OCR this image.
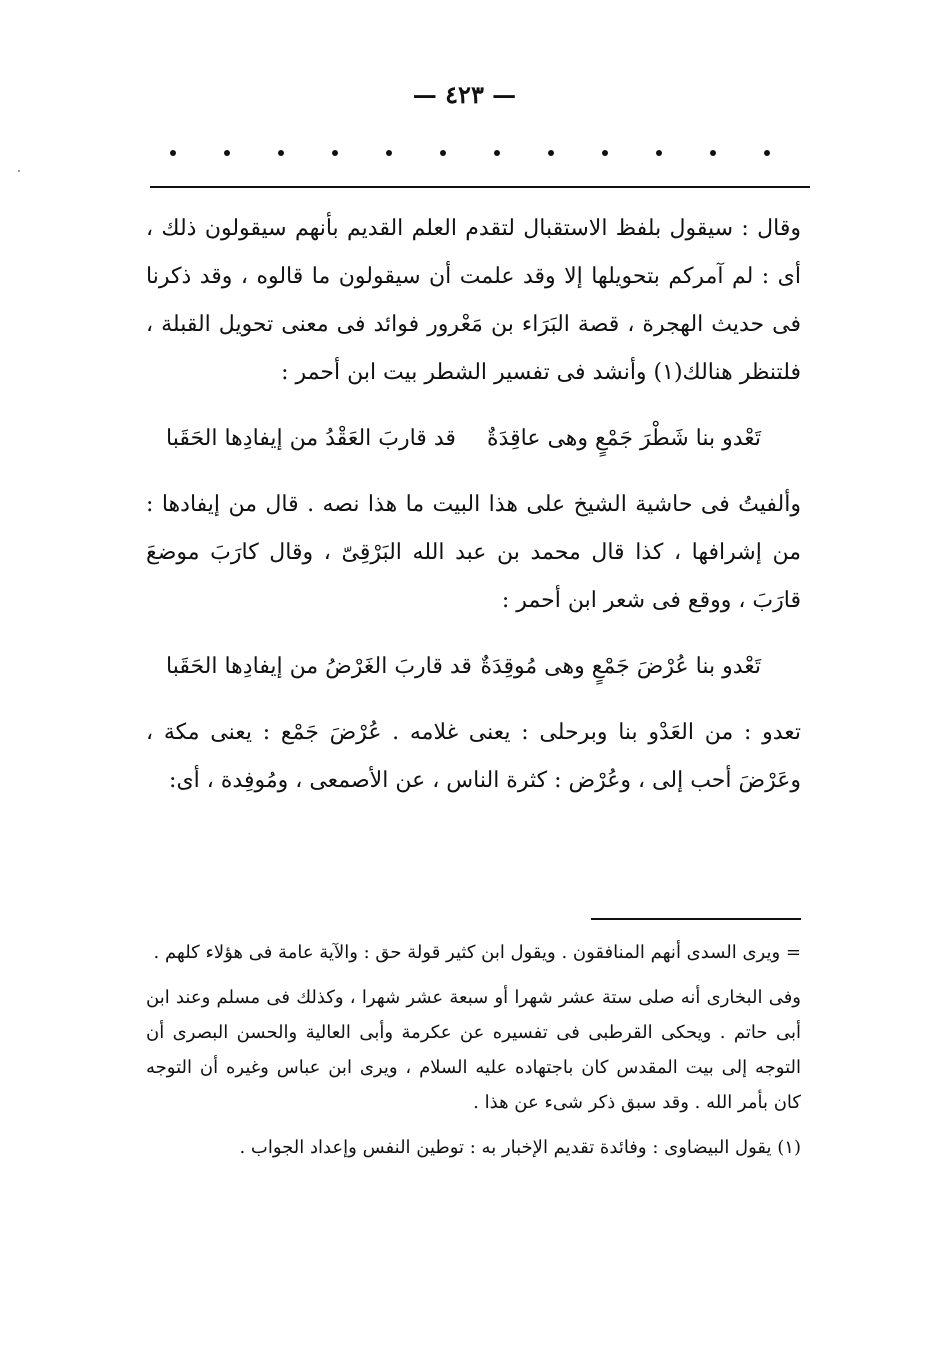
— ٤٢٣ —

وقال : سيقول بلفظ الاستقبال لتقدم العلم القديم بأنهم سيقولون ذلك ، أى : لم آمركم بتحويلها إلا وقد علمت أن سيقولون ما قالوه ، وقد ذكرنا فى حديث الهجرة ، قصة البَرَاء بن مَعْرور فوائد فى معنى تحويل القبلة ، فلتنظر هنالك(١) وأنشد فى تفسير الشطر بيت ابن أحمر :

تَعْدو بنا شَطْرَ جَمْعٍ وهى عاقِدَةٌ
قد قاربَ العَقْدُ من إيفادِها الحَقَبا

وألفيتُ فى حاشية الشيخ على هذا البيت ما هذا نصه . قال من إيفادها : من إشرافها ، كذا قال محمد بن عبد الله البَرْقِىّ ، وقال كارَبَ موضعَ قارَبَ ، ووقع فى شعر ابن أحمر :

تَعْدو بنا عُرْضَ جَمْعٍ وهى مُوقِدَةٌ
قد قاربَ الغَرْضُ من إيفادِها الحَقَبا

تعدو : من العَدْو بنا وبرحلى : يعنى غلامه . عُرْضَ جَمْع : يعنى مكة ، وعَرْضَ أحب إلى ، وعُرْض : كثرة الناس ، عن الأصمعى ، ومُوفِدة ، أى:

= ويرى السدى أنهم المنافقون . ويقول ابن كثير قولة حق : والآية عامة فى هؤلاء كلهم .

وفى البخارى أنه صلى ستة عشر شهرا أو سبعة عشر شهرا ، وكذلك فى مسلم وعند ابن أبى حاتم . ويحكى القرطبى فى تفسيره عن عكرمة وأبى العالية والحسن البصرى أن التوجه إلى بيت المقدس كان باجتهاده عليه السلام ، ويرى ابن عباس وغيره أن التوجه كان بأمر الله . وقد سبق ذكر شىء عن هذا .

(١) يقول البيضاوى : وفائدة تقديم الإخبار به : توطين النفس وإعداد الجواب .
